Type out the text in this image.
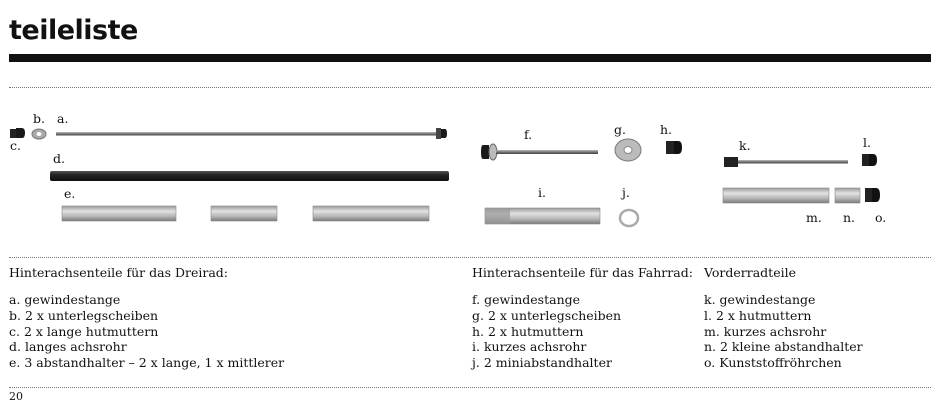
teileliste
b. a.
c.
d.
e.
f.	g.	h.
i.	j.
k.	l.
m. n. o.
Hinterachsenteile für das Dreirad:	Hinterachsenteile für das Fahrrad: Vorderradteile
a. gewindestange
b. 2 x unterlegscheiben
c. 2 x lange hutmuttern
d. langes achsrohr
e. 3 abstandhalter – 2 x lange, 1 x mittlerer
f. gewindestange
g. 2 x unterlegscheiben
h. 2 x hutmuttern
i. kurzes achsrohr
j. 2 miniabstandhalter
k. gewindestange
l. 2 x hutmuttern
m. kurzes achsrohr
n. 2 kleine abstandhalter
o. Kunststoffröhrchen
20
